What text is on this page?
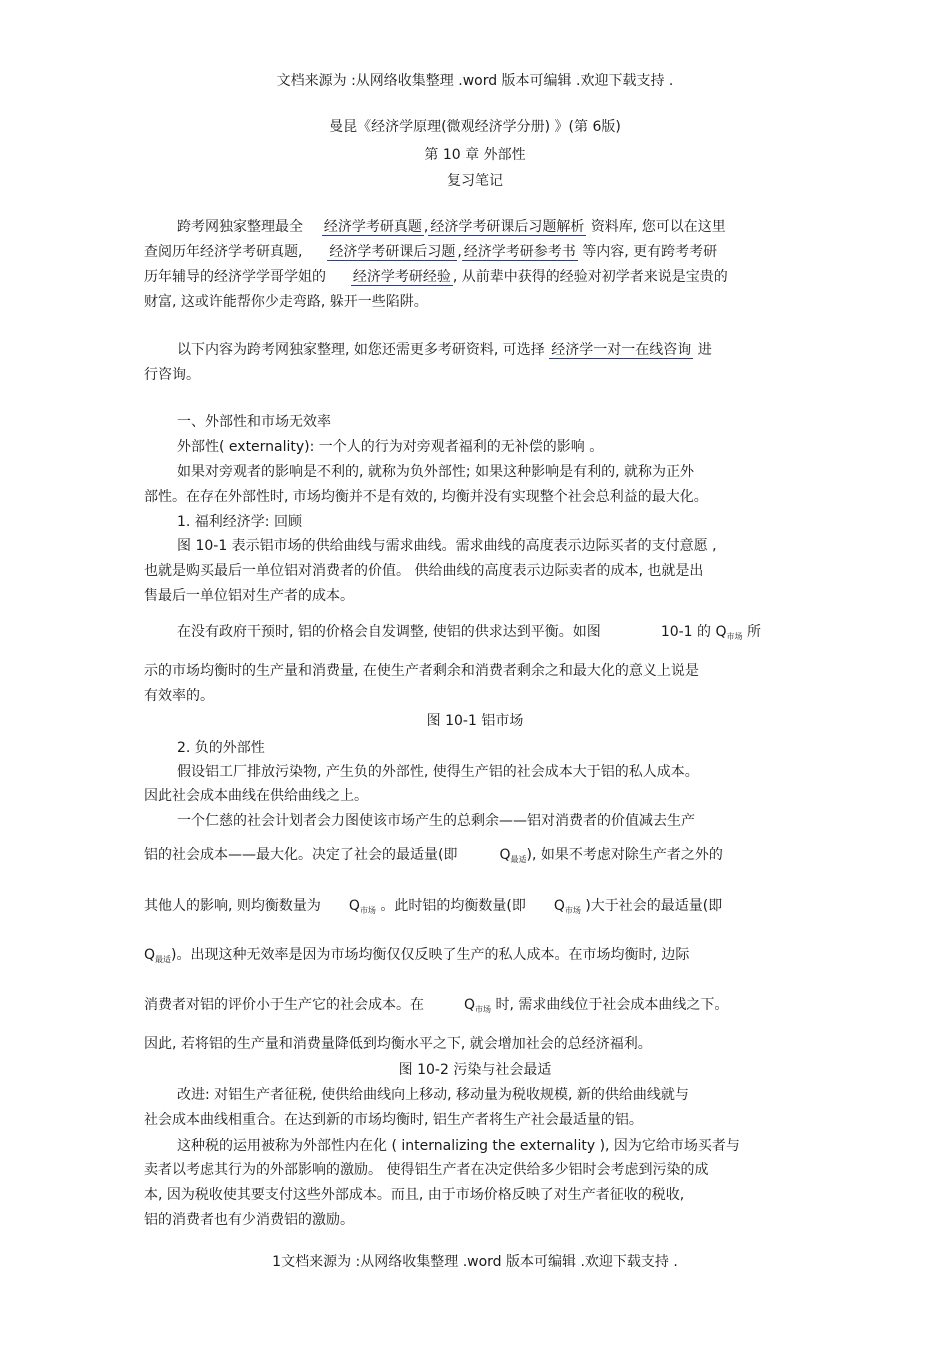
文档来源为 :从网络收集整理 .word 版本可编辑 .欢迎下载支持 .
曼昆《经济学原理(微观经济学分册) 》(第 6版)
第 10 章 外部性
复习笔记
跨考网独家整理最全 经济学考研真题 , 经济学考研课后习题解析 资料库, 您可以在这里
查阅历年经济学考研真题, 经济学考研课后习题 , 经济学考研参考书 等内容, 更有跨考考研
历年辅导的经济学学哥学姐的 经济学考研经验 , 从前辈中获得的经验对初学者来说是宝贵的
财富, 这或许能帮你少走弯路, 躲开一些陷阱。
以下内容为跨考网独家整理, 如您还需更多考研资料, 可选择 经济学一对一在线咨询 进
行咨询。
一、外部性和市场无效率
外部性( externality): 一个人的行为对旁观者福利的无补偿的影响 。
如果对旁观者的影响是不利的, 就称为负外部性; 如果这种影响是有利的, 就称为正外
部性。在存在外部性时, 市场均衡并不是有效的, 均衡并没有实现整个社会总利益的最大化。
1. 福利经济学: 回顾
图 10-1 表示铝市场的供给曲线与需求曲线。需求曲线的高度表示边际买者的支付意愿 ,
也就是购买最后一单位铝对消费者的价值。 供给曲线的高度表示边际卖者的成本, 也就是出
售最后一单位铝对生产者的成本。
在没有政府干预时, 铝的价格会自发调整, 使铝的供求达到平衡。如图	10-1 的 $Q_{市场}$ 所
示的市场均衡时的生产量和消费量, 在使生产者剩余和消费者剩余之和最大化的意义上说是
有效率的。
图 10-1 铝市场
2. 负的外部性
假设铝工厂排放污染物, 产生负的外部性, 使得生产铝的社会成本大于铝的私人成本。
因此社会成本曲线在供给曲线之上。
一个仁慈的社会计划者会力图使该市场产生的总剩余——铝对消费者的价值减去生产
铝的社会成本——最大化。决定了社会的最适量(即	$Q_{最适}$), 如果不考虑对除生产者之外的
其他人的影响, 则均衡数量为 $Q_{市场}$ 。此时铝的均衡数量(即 $Q_{市场}$ )大于社会的最适量(即
$Q_{最适}$)。出现这种无效率是因为市场均衡仅仅反映了生产的私人成本。在市场均衡时, 边际
消费者对铝的评价小于生产它的社会成本。在	$Q_{市场}$ 时, 需求曲线位于社会成本曲线之下。
因此, 若将铝的生产量和消费量降低到均衡水平之下, 就会增加社会的总经济福利。
图 10-2 污染与社会最适
改进: 对铝生产者征税, 使供给曲线向上移动, 移动量为税收规模, 新的供给曲线就与
社会成本曲线相重合。在达到新的市场均衡时, 铝生产者将生产社会最适量的铝。
这种税的运用被称为外部性内在化 ( internalizing the externality ), 因为它给市场买者与
卖者以考虑其行为的外部影响的激励。 使得铝生产者在决定供给多少铝时会考虑到污染的成
本, 因为税收使其要支付这些外部成本。而且, 由于市场价格反映了对生产者征收的税收,
铝的消费者也有少消费铝的激励。
1文档来源为 :从网络收集整理 .word 版本可编辑 .欢迎下载支持 .
